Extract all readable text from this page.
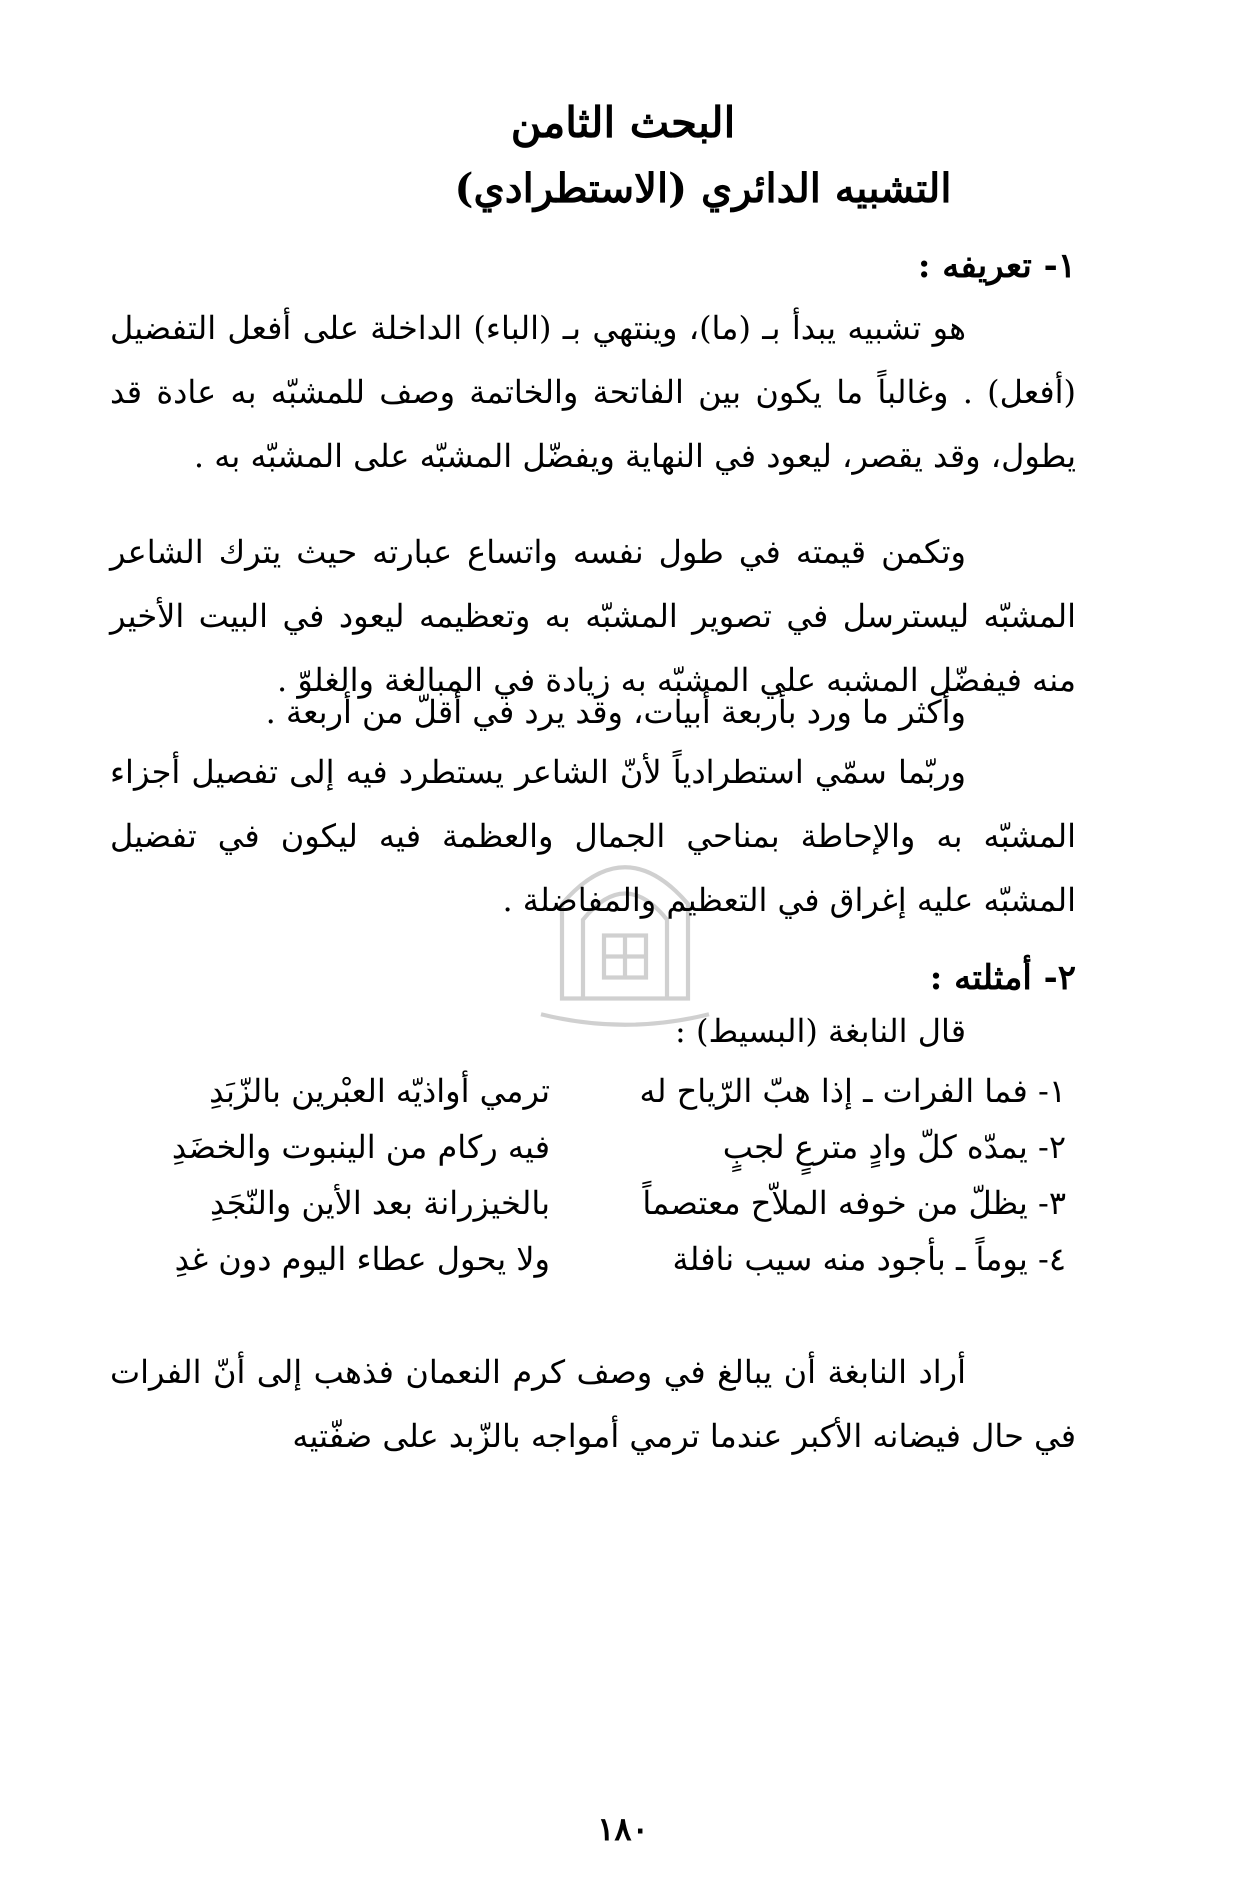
البحث الثامن
التشبيه الدائري (الاستطرادي)
١- تعريفه :

هو تشبيه يبدأ بـ (ما)، وينتهي بـ (الباء) الداخلة على أفعل التفضيل (أفعل) . وغالباً ما يكون بين الفاتحة والخاتمة وصف للمشبّه به عادة قد يطول، وقد يقصر، ليعود في النهاية ويفضّل المشبّه على المشبّه به .

وتكمن قيمته في طول نفسه واتساع عبارته حيث يترك الشاعر المشبّه ليسترسل في تصوير المشبّه به وتعظيمه ليعود في البيت الأخير منه فيفضّل المشبه علي المشبّه به زيادة في المبالغة والغلوّ .

وأكثر ما ورد بأربعة أبيات، وقد يرد في أقلّ من أربعة .

وربّما سمّي استطرادياً لأنّ الشاعر يستطرد فيه إلى تفصيل أجزاء المشبّه به والإحاطة بمناحي الجمال والعظمة فيه ليكون في تفضيل المشبّه عليه إغراق في التعظيم والمفاضلة .

٢- أمثلته :

قال النابغة (البسيط) :

١- فما الفرات ـ إذا هبّ الرّياح له
ترمي أواذيّه العبْرين بالزّبَدِ
٢- يمدّه كلّ وادٍ مترعٍ لجبٍ
فيه ركام من الينبوت والخضَدِ
٣- يظلّ من خوفه الملاّح معتصماً
بالخيزرانة بعد الأين والنّجَدِ
٤- يوماً ـ بأجود منه سيب نافلة
ولا يحول عطاء اليوم دون غدِ

أراد النابغة أن يبالغ في وصف كرم النعمان فذهب إلى أنّ الفرات في حال فيضانه الأكبر عندما ترمي أمواجه بالزّبد على ضفّتيه

١٨٠
